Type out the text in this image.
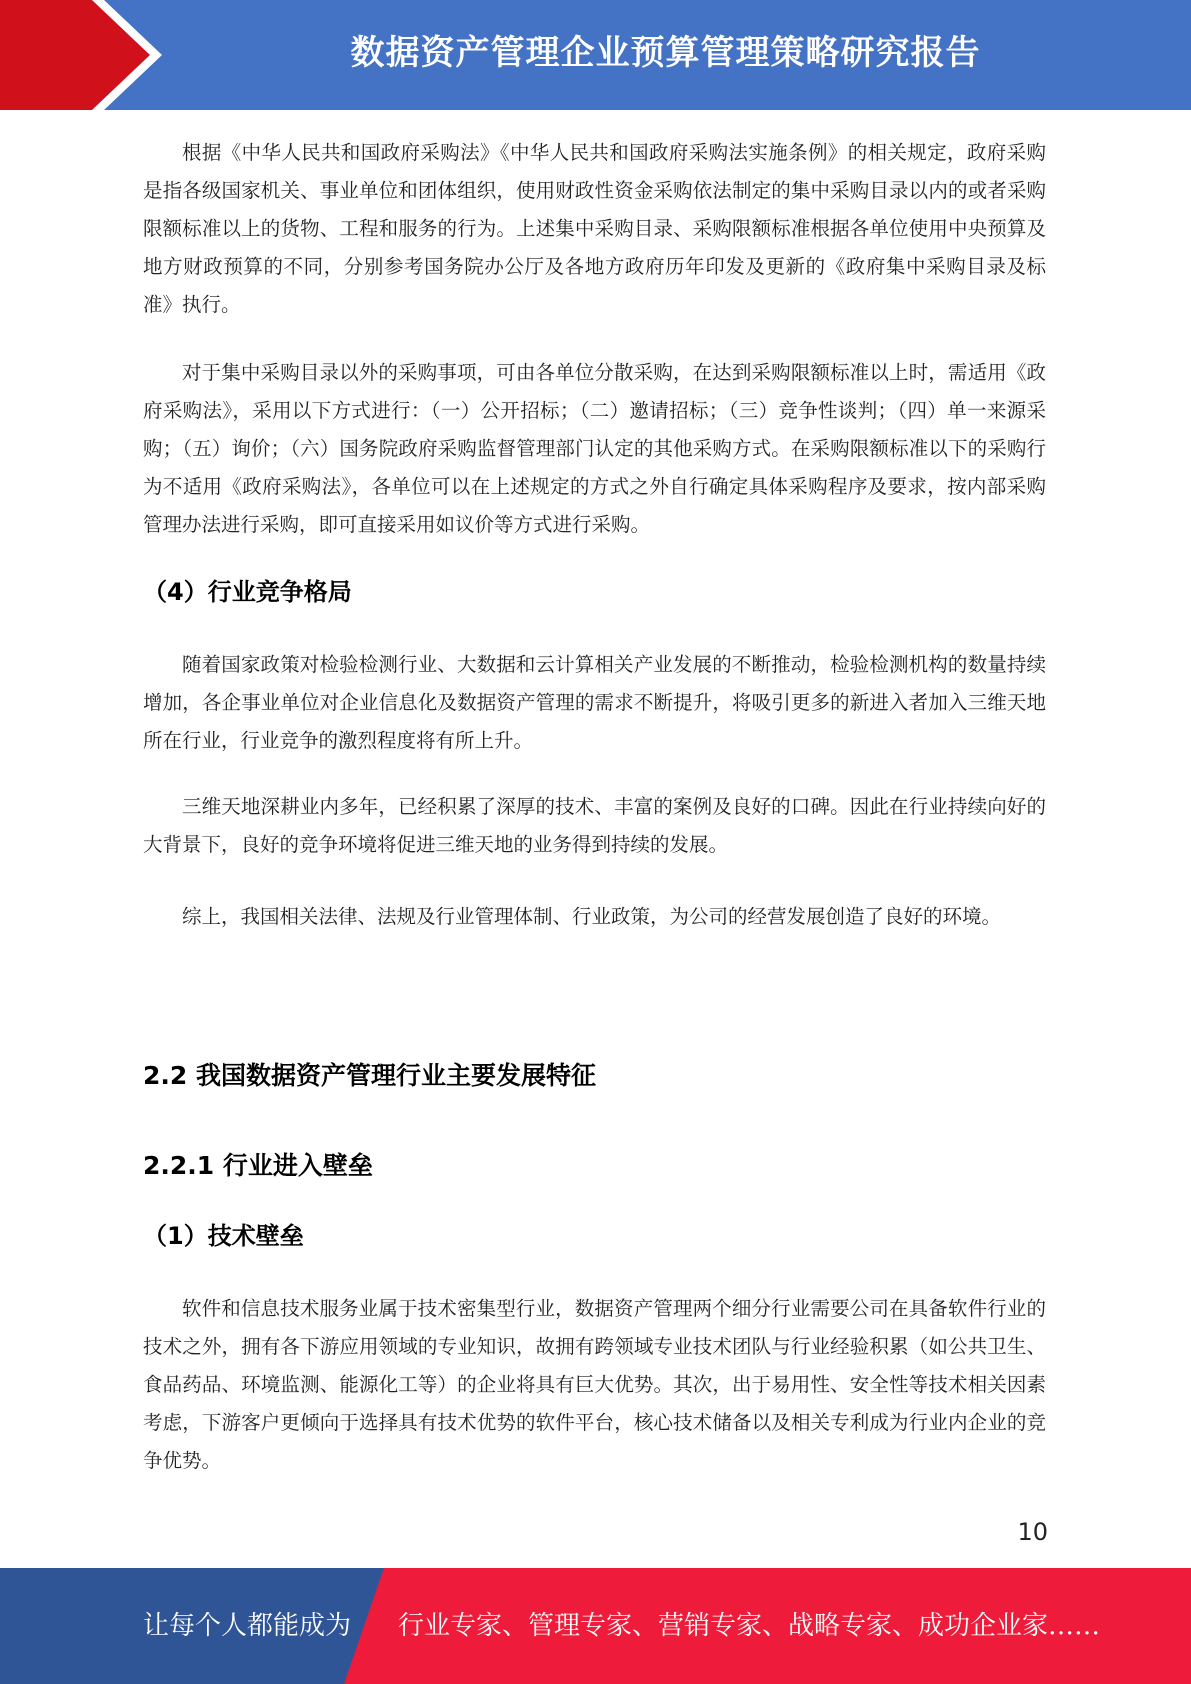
数据资产管理企业预算管理策略研究报告

根据《中华人民共和国政府采购法》《中华人民共和国政府采购法实施条例》的相关规定，政府采购是指各级国家机关、事业单位和团体组织，使用财政性资金采购依法制定的集中采购目录以内的或者采购限额标准以上的货物、工程和服务的行为。上述集中采购目录、采购限额标准根据各单位使用中央预算及地方财政预算的不同，分别参考国务院办公厅及各地方政府历年印发及更新的《政府集中采购目录及标准》执行。

对于集中采购目录以外的采购事项，可由各单位分散采购，在达到采购限额标准以上时，需适用《政府采购法》，采用以下方式进行：（一）公开招标；（二）邀请招标；（三）竞争性谈判；（四）单一来源采购；（五）询价；（六）国务院政府采购监督管理部门认定的其他采购方式。在采购限额标准以下的采购行为不适用《政府采购法》，各单位可以在上述规定的方式之外自行确定具体采购程序及要求，按内部采购管理办法进行采购，即可直接采用如议价等方式进行采购。

（4）行业竞争格局

随着国家政策对检验检测行业、大数据和云计算相关产业发展的不断推动，检验检测机构的数量持续增加，各企事业单位对企业信息化及数据资产管理的需求不断提升，将吸引更多的新进入者加入三维天地所在行业，行业竞争的激烈程度将有所上升。

三维天地深耕业内多年，已经积累了深厚的技术、丰富的案例及良好的口碑。因此在行业持续向好的大背景下，良好的竞争环境将促进三维天地的业务得到持续的发展。

综上，我国相关法律、法规及行业管理体制、行业政策，为公司的经营发展创造了良好的环境。

2.2 我国数据资产管理行业主要发展特征
2.2.1 行业进入壁垒
（1）技术壁垒

软件和信息技术服务业属于技术密集型行业，数据资产管理两个细分行业需要公司在具备软件行业的技术之外，拥有各下游应用领域的专业知识，故拥有跨领域专业技术团队与行业经验积累（如公共卫生、食品药品、环境监测、能源化工等）的企业将具有巨大优势。其次，出于易用性、安全性等技术相关因素考虑，下游客户更倾向于选择具有技术优势的软件平台，核心技术储备以及相关专利成为行业内企业的竞争优势。

10
让每个人都能成为 行业专家、管理专家、营销专家、战略专家、成功企业家……
